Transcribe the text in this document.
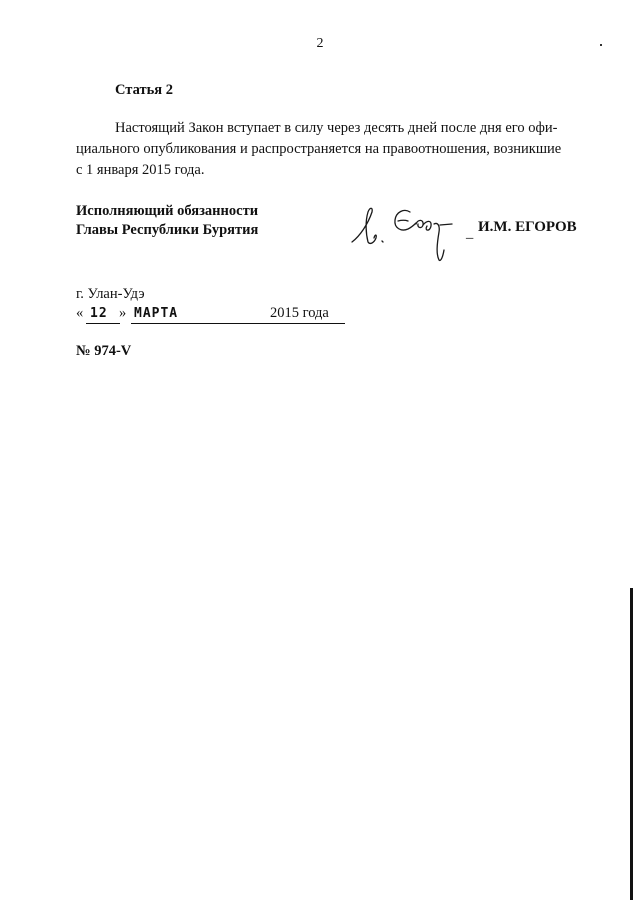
2
Статья 2
Настоящий Закон вступает в силу через десять дней после дня его офи-
циального опубликования и распространяется на правоотношения, возникшие
с 1 января 2015 года.
Исполняющий обязанности
Главы Республики Бурятия	_ И.М. ЕГОРОВ
г. Улан-Удэ
« 12 » МАРТА	2015 года
№ 974-V
